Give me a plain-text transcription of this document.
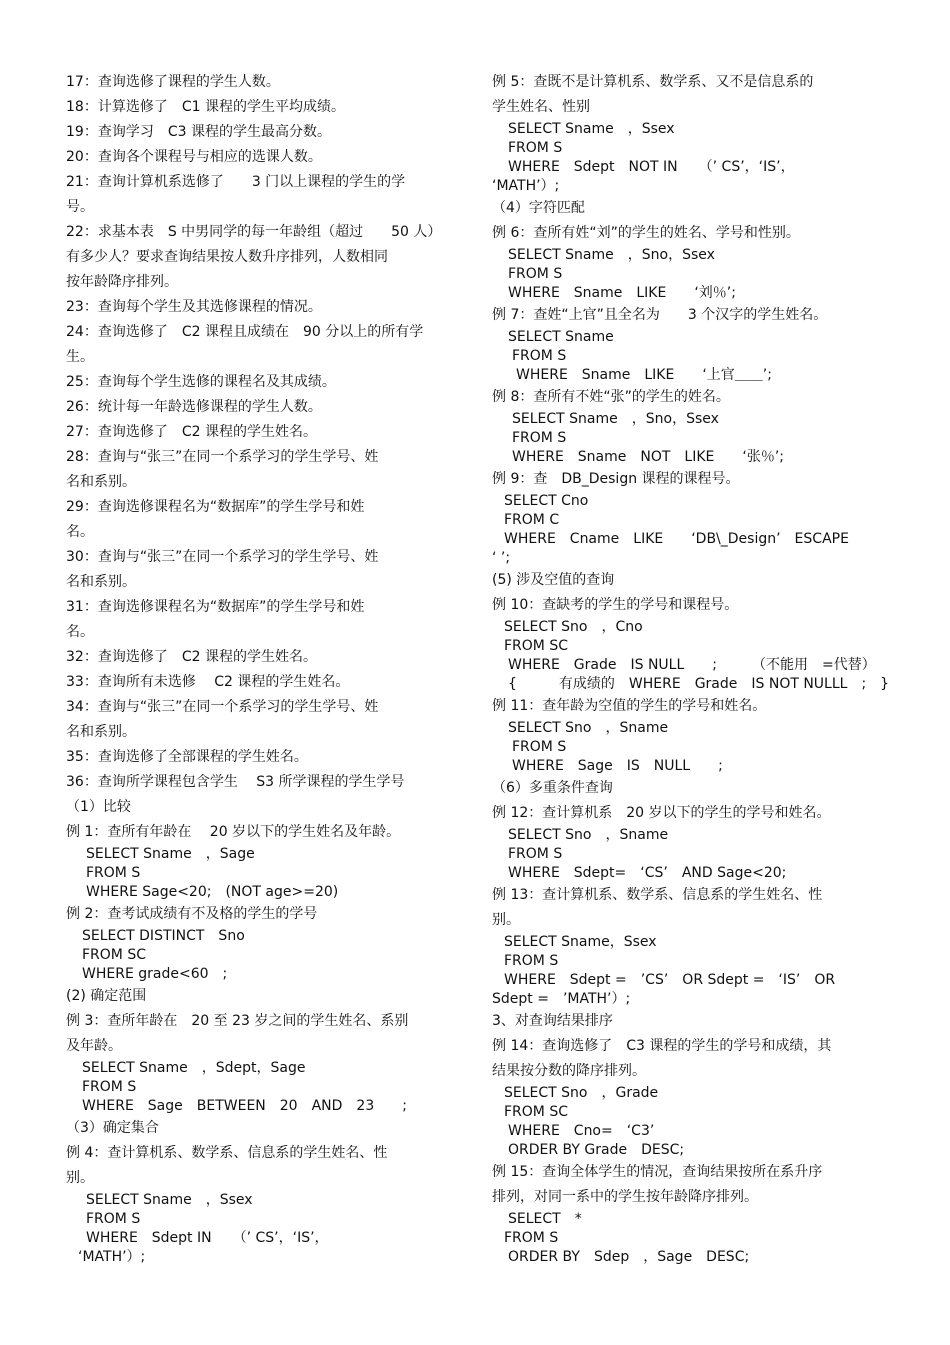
17：查询选修了课程的学生人数。
18：计算选修了　C1 课程的学生平均成绩。
19：查询学习　C3 课程的学生最高分数。
20：查询各个课程号与相应的选课人数。
21：查询计算机系选修了　　3 门以上课程的学生的学
号。
22：求基本表　S 中男同学的每一年龄组（超过　　50 人）
有多少人？要求查询结果按人数升序排列，人数相同
按年龄降序排列。
23：查询每个学生及其选修课程的情况。
24：查询选修了　C2 课程且成绩在　90 分以上的所有学
生。
25：查询每个学生选修的课程名及其成绩。
26：统计每一年龄选修课程的学生人数。
27：查询选修了　C2 课程的学生姓名。
28：查询与“张三”在同一个系学习的学生学号、姓
名和系别。
29：查询选修课程名为“数据库”的学生学号和姓
名。
30：查询与“张三”在同一个系学习的学生学号、姓
名和系别。
31：查询选修课程名为“数据库”的学生学号和姓
名。
32：查询选修了　C2 课程的学生姓名。
33：查询所有未选修　 C2 课程的学生姓名。
34：查询与“张三”在同一个系学习的学生学号、姓
名和系别。
35：查询选修了全部课程的学生姓名。
36：查询所学课程包含学生　 S3 所学课程的学生学号
（1）比较
例 1：查所有年龄在　 20 岁以下的学生姓名及年龄。
SELECT Sname　，Sage
FROM S
WHERE Sage<20;　(NOT age>=20)
例 2：查考试成绩有不及格的学生的学号
SELECT DISTINCT　Sno
FROM SC
WHERE grade<60　;
(2) 确定范围
例 3：查所年龄在　20 至 23 岁之间的学生姓名、系别
及年龄。
SELECT Sname　，Sdept，Sage
FROM S
WHERE　Sage　BETWEEN　20　AND　23　　;
（3）确定集合
例 4：查计算机系、数学系、信息系的学生姓名、性
别。
SELECT Sname　，Ssex
FROM S
WHERE　Sdept IN　　（’ CS’，‘IS’，
‘MATH’）;
例 5：查既不是计算机系、数学系、又不是信息系的
学生姓名、性别
SELECT Sname　，Ssex
FROM S
WHERE　Sdept　NOT IN　　（’ CS’，‘IS’，
‘MATH’）;
（4）字符匹配
例 6：查所有姓“刘”的学生的姓名、学号和性别。
SELECT Sname　，Sno，Ssex
FROM S
WHERE　Sname　LIKE　　‘刘％’;
例 7：查姓“上官”且全名为　　3 个汉字的学生姓名。
SELECT Sname
FROM S
WHERE　Sname　LIKE　　‘上官＿＿’;
例 8：查所有不姓“张”的学生的姓名。
SELECT Sname　，Sno，Ssex
FROM S
WHERE　Sname　NOT　LIKE　　‘张％’;
例 9：查　DB_Design 课程的课程号。
SELECT Cno
FROM C
WHERE　Cname　LIKE　　‘DB\_Design’　ESCAPE
‘ ’;
(5) 涉及空值的查询
例 10：查缺考的学生的学号和课程号。
SELECT Sno　，Cno
FROM SC
WHERE　Grade　IS NULL　　;　　　（不能用　=代替）
{　　　有成绩的　WHERE　Grade　IS NOT NULLL　;　}
例 11：查年龄为空值的学生的学号和姓名。
SELECT Sno　，Sname
FROM S
WHERE　Sage　IS　NULL　　;
（6）多重条件查询
例 12：查计算机系　20 岁以下的学生的学号和姓名。
SELECT Sno　，Sname
FROM S
WHERE　Sdept=　‘CS’　AND Sage<20;
例 13：查计算机系、数学系、信息系的学生姓名、性
别。
SELECT Sname，Ssex
FROM S
WHERE　Sdept =　’CS’　OR Sdept =　‘IS’　OR
Sdept =　’MATH’）;
3、对查询结果排序
例 14：查询选修了　C3 课程的学生的学号和成绩，其
结果按分数的降序排列。
SELECT Sno　，Grade
FROM SC
WHERE　Cno=　‘C3’
ORDER BY Grade　DESC;
例 15：查询全体学生的情况，查询结果按所在系升序
排列，对同一系中的学生按年龄降序排列。
SELECT　*
FROM S
ORDER BY　Sdep　，Sage　DESC;
